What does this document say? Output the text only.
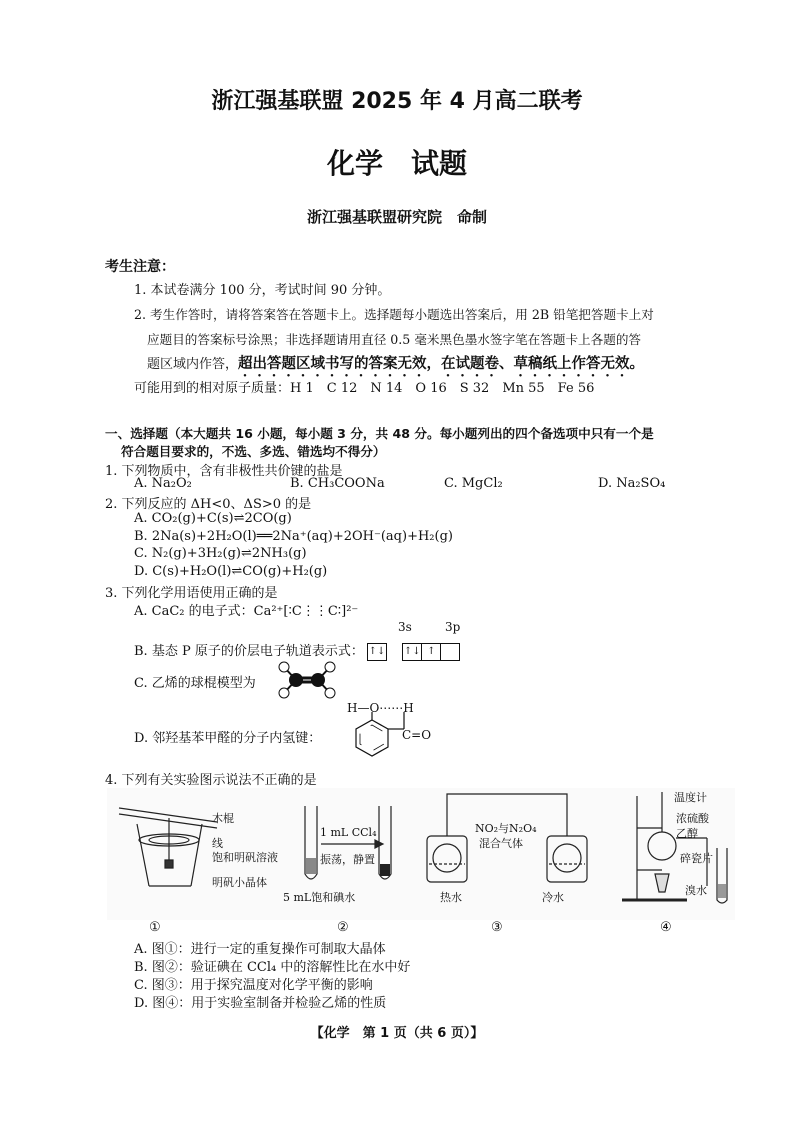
浙江强基联盟 2025 年 4 月高二联考
化学　试题
浙江强基联盟研究院　命制
考生注意：
1. 本试卷满分 100 分，考试时间 90 分钟。
2. 考生作答时，请将答案答在答题卡上。选择题每小题选出答案后，用 2B 铅笔把答题卡上对
应题目的答案标号涂黑；非选择题请用直径 0.5 毫米黑色墨水签字笔在答题卡上各题的答
题区域内作答，超出答题区域书写的答案无效，在试题卷、草稿纸上作答无效。
可能用到的相对原子质量：H 1　C 12　N 14　O 16　S 32　Mn 55　Fe 56
一、选择题（本大题共 16 小题，每小题 3 分，共 48 分。每小题列出的四个备选项中只有一个是
符合题目要求的，不选、多选、错选均不得分）
1. 下列物质中，含有非极性共价键的盐是
A. Na₂O₂	B. CH₃COONa	C. MgCl₂	D. Na₂SO₄
2. 下列反应的 ΔH<0、ΔS>0 的是
A. CO₂(g)+C(s)⇌2CO(g)
B. 2Na(s)+2H₂O(l)══2Na⁺(aq)+2OH⁻(aq)+H₂(g)
C. N₂(g)+3H₂(g)⇌2NH₃(g)
D. C(s)+H₂O(l)⇌CO(g)+H₂(g)
3. 下列化学用语使用正确的是
A. CaC₂ 的电子式：Ca²⁺[∶C⋮⋮C∶]²⁻
3s	3p
B. 基态 P 原子的价层电子轨道表示式： ↑↓ ↑↓ ↑
C. 乙烯的球棍模型为
D. 邻羟基苯甲醛的分子内氢键：
H—O⋯⋯H
C=O
4. 下列有关实验图示说法不正确的是
木棍
线
饱和明矾溶液
明矾小晶体
1 mL CCl₄
振荡，静置
5 mL饱和碘水
NO₂与N₂O₄
混合气体
热水	冷水
温度计
浓硫酸
乙醇
碎瓷片
溴水
①	②	③	④
A. 图①：进行一定的重复操作可制取大晶体
B. 图②：验证碘在 CCl₄ 中的溶解性比在水中好
C. 图③：用于探究温度对化学平衡的影响
D. 图④：用于实验室制备并检验乙烯的性质
【化学　第 1 页（共 6 页）】
